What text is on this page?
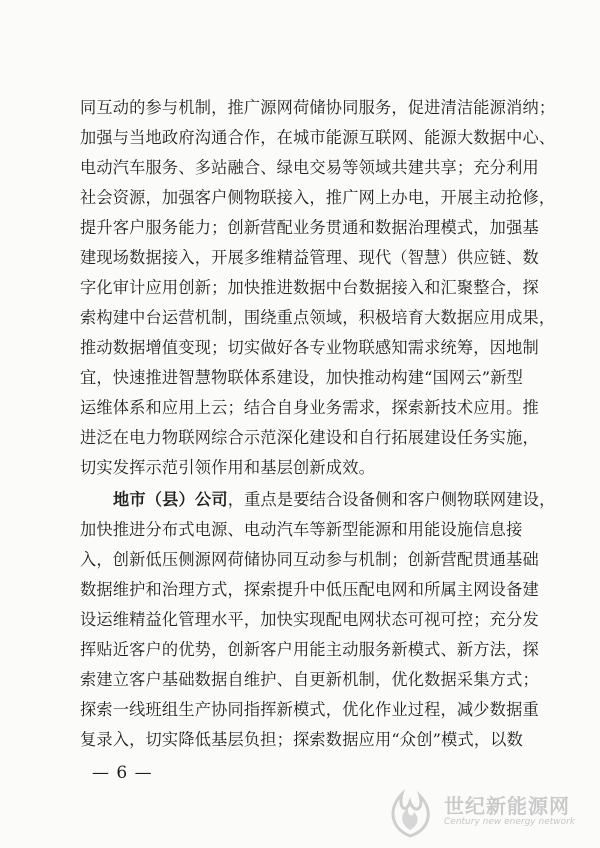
同互动的参与机制，推广源网荷储协同服务，促进清洁能源消纳；
加强与当地政府沟通合作，在城市能源互联网、能源大数据中心、
电动汽车服务、多站融合、绿电交易等领域共建共享；充分利用
社会资源，加强客户侧物联接入，推广网上办电，开展主动抢修，
提升客户服务能力；创新营配业务贯通和数据治理模式，加强基
建现场数据接入，开展多维精益管理、现代（智慧）供应链、数
字化审计应用创新；加快推进数据中台数据接入和汇聚整合，探
索构建中台运营机制，围绕重点领域，积极培育大数据应用成果，
推动数据增值变现；切实做好各专业物联感知需求统筹，因地制
宜，快速推进智慧物联体系建设，加快推动构建“国网云”新型
运维体系和应用上云；结合自身业务需求，探索新技术应用。推
进泛在电力物联网综合示范深化建设和自行拓展建设任务实施，
切实发挥示范引领作用和基层创新成效。
地市（县）公司，重点是要结合设备侧和客户侧物联网建设，
加快推进分布式电源、电动汽车等新型能源和用能设施信息接
入，创新低压侧源网荷储协同互动参与机制；创新营配贯通基础
数据维护和治理方式，探索提升中低压配电网和所属主网设备建
设运维精益化管理水平，加快实现配电网状态可视可控；充分发
挥贴近客户的优势，创新客户用能主动服务新模式、新方法，探
索建立客户基础数据自维护、自更新机制，优化数据采集方式；
探索一线班组生产协同指挥新模式，优化作业过程，减少数据重
复录入，切实降低基层负担；探索数据应用“众创”模式，以数
— 6 —
世纪新能源网
Century new energy network
